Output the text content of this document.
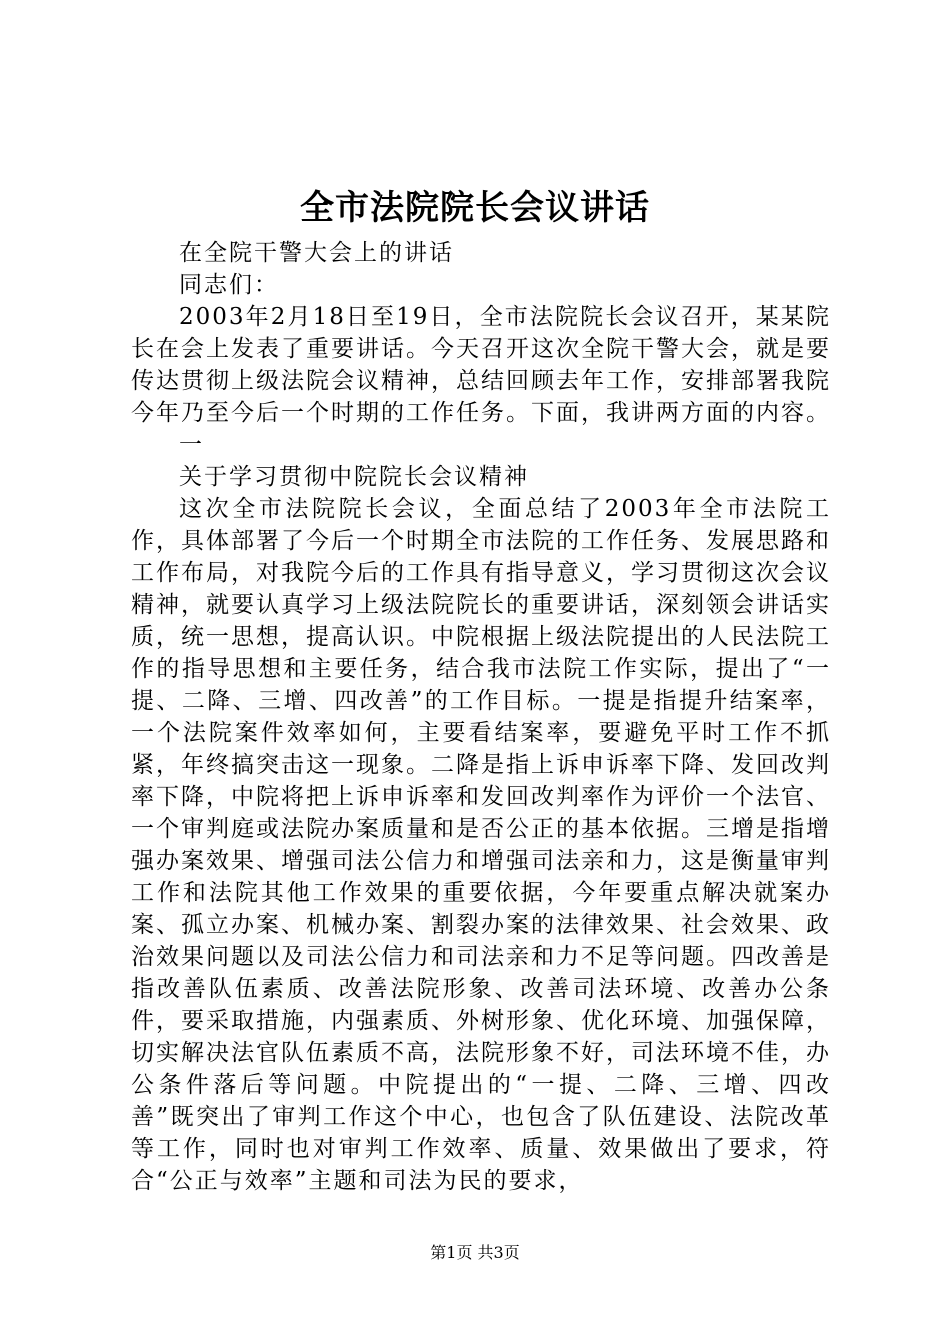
全市法院院长会议讲话

在全院干警大会上的讲话

同志们：

2003年2月18日至19日，全市法院院长会议召开，某某院长在会上发表了重要讲话。今天召开这次全院干警大会，就是要传达贯彻上级法院会议精神，总结回顾去年工作，安排部署我院今年乃至今后一个时期的工作任务。下面，我讲两方面的内容。

一

关于学习贯彻中院院长会议精神

这次全市法院院长会议，全面总结了2003年全市法院工作，具体部署了今后一个时期全市法院的工作任务、发展思路和工作布局，对我院今后的工作具有指导意义，学习贯彻这次会议精神，就要认真学习上级法院院长的重要讲话，深刻领会讲话实质，统一思想，提高认识。中院根据上级法院提出的人民法院工作的指导思想和主要任务，结合我市法院工作实际，提出了“一提、二降、三增、四改善”的工作目标。一提是指提升结案率，一个法院案件效率如何，主要看结案率，要避免平时工作不抓紧，年终搞突击这一现象。二降是指上诉申诉率下降、发回改判率下降，中院将把上诉申诉率和发回改判率作为评价一个法官、一个审判庭或法院办案质量和是否公正的基本依据。三增是指增强办案效果、增强司法公信力和增强司法亲和力，这是衡量审判工作和法院其他工作效果的重要依据，今年要重点解决就案办案、孤立办案、机械办案、割裂办案的法律效果、社会效果、政治效果问题以及司法公信力和司法亲和力不足等问题。四改善是指改善队伍素质、改善法院形象、改善司法环境、改善办公条件，要采取措施，内强素质、外树形象、优化环境、加强保障，切实解决法官队伍素质不高，法院形象不好，司法环境不佳，办公条件落后等问题。中院提出的“一提、二降、三增、四改善”既突出了审判工作这个中心，也包含了队伍建设、法院改革等工作，同时也对审判工作效率、质量、效果做出了要求，符合“公正与效率”主题和司法为民的要求，

第1页 共3页
